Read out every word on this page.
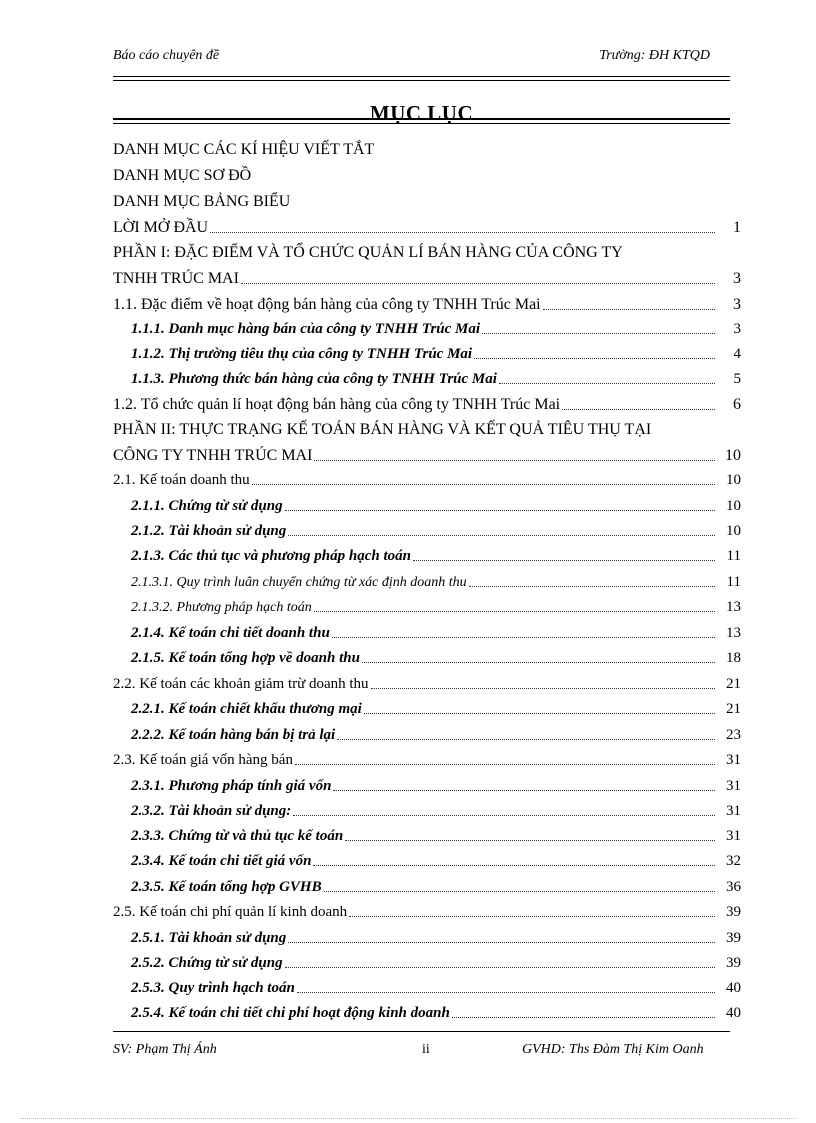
Báo cáo chuyên đề	Trường: ĐH KTQD
MỤC LỤC
DANH MỤC CÁC KÍ HIỆU VIẾT TẮT
DANH MỤC SƠ ĐỒ
DANH MỤC BẢNG BIỂU
LỜI MỞ ĐẦU	1
PHẦN I: ĐẶC ĐIỂM VÀ TỔ CHỨC QUẢN LÍ BÁN HÀNG CỦA CÔNG TY
TNHH TRÚC MAI	3
1.1. Đặc điểm về hoạt động bán hàng của công ty TNHH Trúc Mai	3
1.1.1. Danh mục hàng bán của công ty TNHH Trúc Mai	3
1.1.2. Thị trường tiêu thụ của công ty TNHH Trúc Mai	4
1.1.3. Phương thức bán hàng của công ty TNHH Trúc Mai	5
1.2. Tổ chức quản lí hoạt động bán hàng của công ty TNHH Trúc Mai	6
PHẦN II: THỰC TRẠNG KẾ TOÁN BÁN HÀNG VÀ KẾT QUẢ TIÊU THỤ TẠI
CÔNG TY TNHH TRÚC MAI	10
2.1. Kế toán doanh thu	10
2.1.1. Chứng từ sử dụng	10
2.1.2. Tài khoản sử dụng	10
2.1.3. Các thủ tục và phương pháp hạch toán	11
2.1.3.1. Quy trình luân chuyển chứng từ xác định doanh thu	11
2.1.3.2. Phương pháp hạch toán	13
2.1.4. Kế toán chi tiết doanh thu	13
2.1.5. Kế toán tổng hợp về doanh thu	18
2.2. Kế toán các khoản giảm trừ doanh thu	21
2.2.1. Kế toán chiết khấu thương mại	21
2.2.2. Kế toán hàng bán bị trả lại	23
2.3. Kế toán giá vốn hàng bán	31
2.3.1. Phương pháp tính giá vốn	31
2.3.2. Tài khoản sử dụng:	31
2.3.3. Chứng từ và thủ tục kế toán	31
2.3.4. Kế toán chi tiết giá vốn	32
2.3.5. Kế toán tổng hợp GVHB	36
2.5. Kế toán chi phí quản lí kinh doanh	39
2.5.1. Tài khoản sử dụng	39
2.5.2. Chứng từ sử dụng	39
2.5.3. Quy trình hạch toán	40
2.5.4. Kế toán chi tiết chi phí hoạt động kinh doanh	40
SV: Phạm Thị Ánh	ii	GVHD: Ths Đàm Thị Kim Oanh
